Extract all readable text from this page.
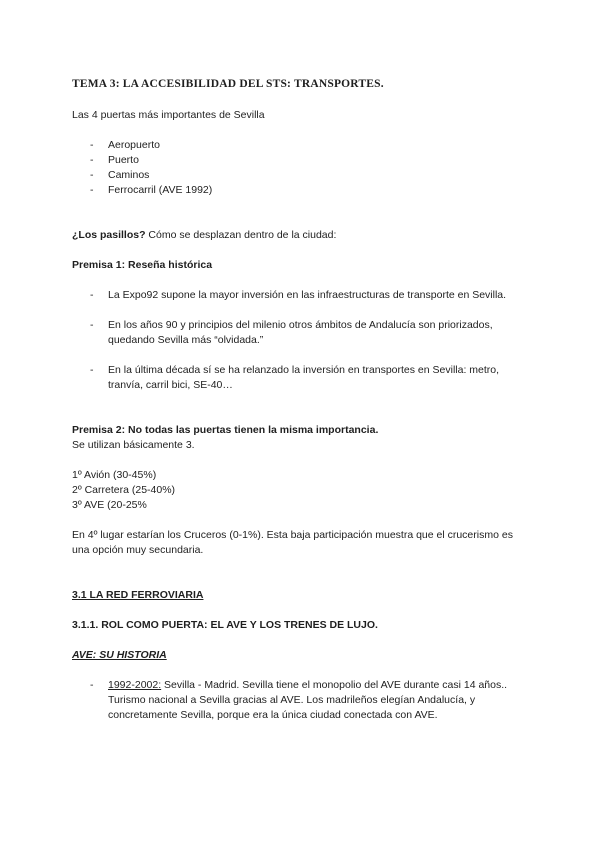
TEMA 3: LA ACCESIBILIDAD DEL STS: TRANSPORTES.
Las 4 puertas más importantes de Sevilla
- Aeropuerto
- Puerto
- Caminos
- Ferrocarril (AVE 1992)
¿Los pasillos? Cómo se desplazan dentro de la ciudad:
Premisa 1: Reseña histórica
- La Expo92 supone la mayor inversión en las infraestructuras de transporte en Sevilla.
- En los años 90 y principios del milenio otros ámbitos de Andalucía son priorizados, quedando Sevilla más “olvidada.”
- En la última década sí se ha relanzado la inversión en transportes en Sevilla: metro, tranvía, carril bici, SE-40…
Premisa 2: No todas las puertas tienen la misma importancia.
Se utilizan básicamente 3.
1º Avión (30-45%)
2º Carretera (25-40%)
3º AVE (20-25%
En 4º lugar estarían los Cruceros (0-1%). Esta baja participación muestra que el crucerismo es una opción muy secundaria.
3.1 LA RED FERROVIARIA
3.1.1. ROL COMO PUERTA: EL AVE Y LOS TRENES DE LUJO.
AVE: SU HISTORIA
- 1992-2002: Sevilla - Madrid. Sevilla tiene el monopolio del AVE durante casi 14 años.. Turismo nacional a Sevilla gracias al AVE. Los madrileños elegían Andalucía, y concretamente Sevilla, porque era la única ciudad conectada con AVE.
